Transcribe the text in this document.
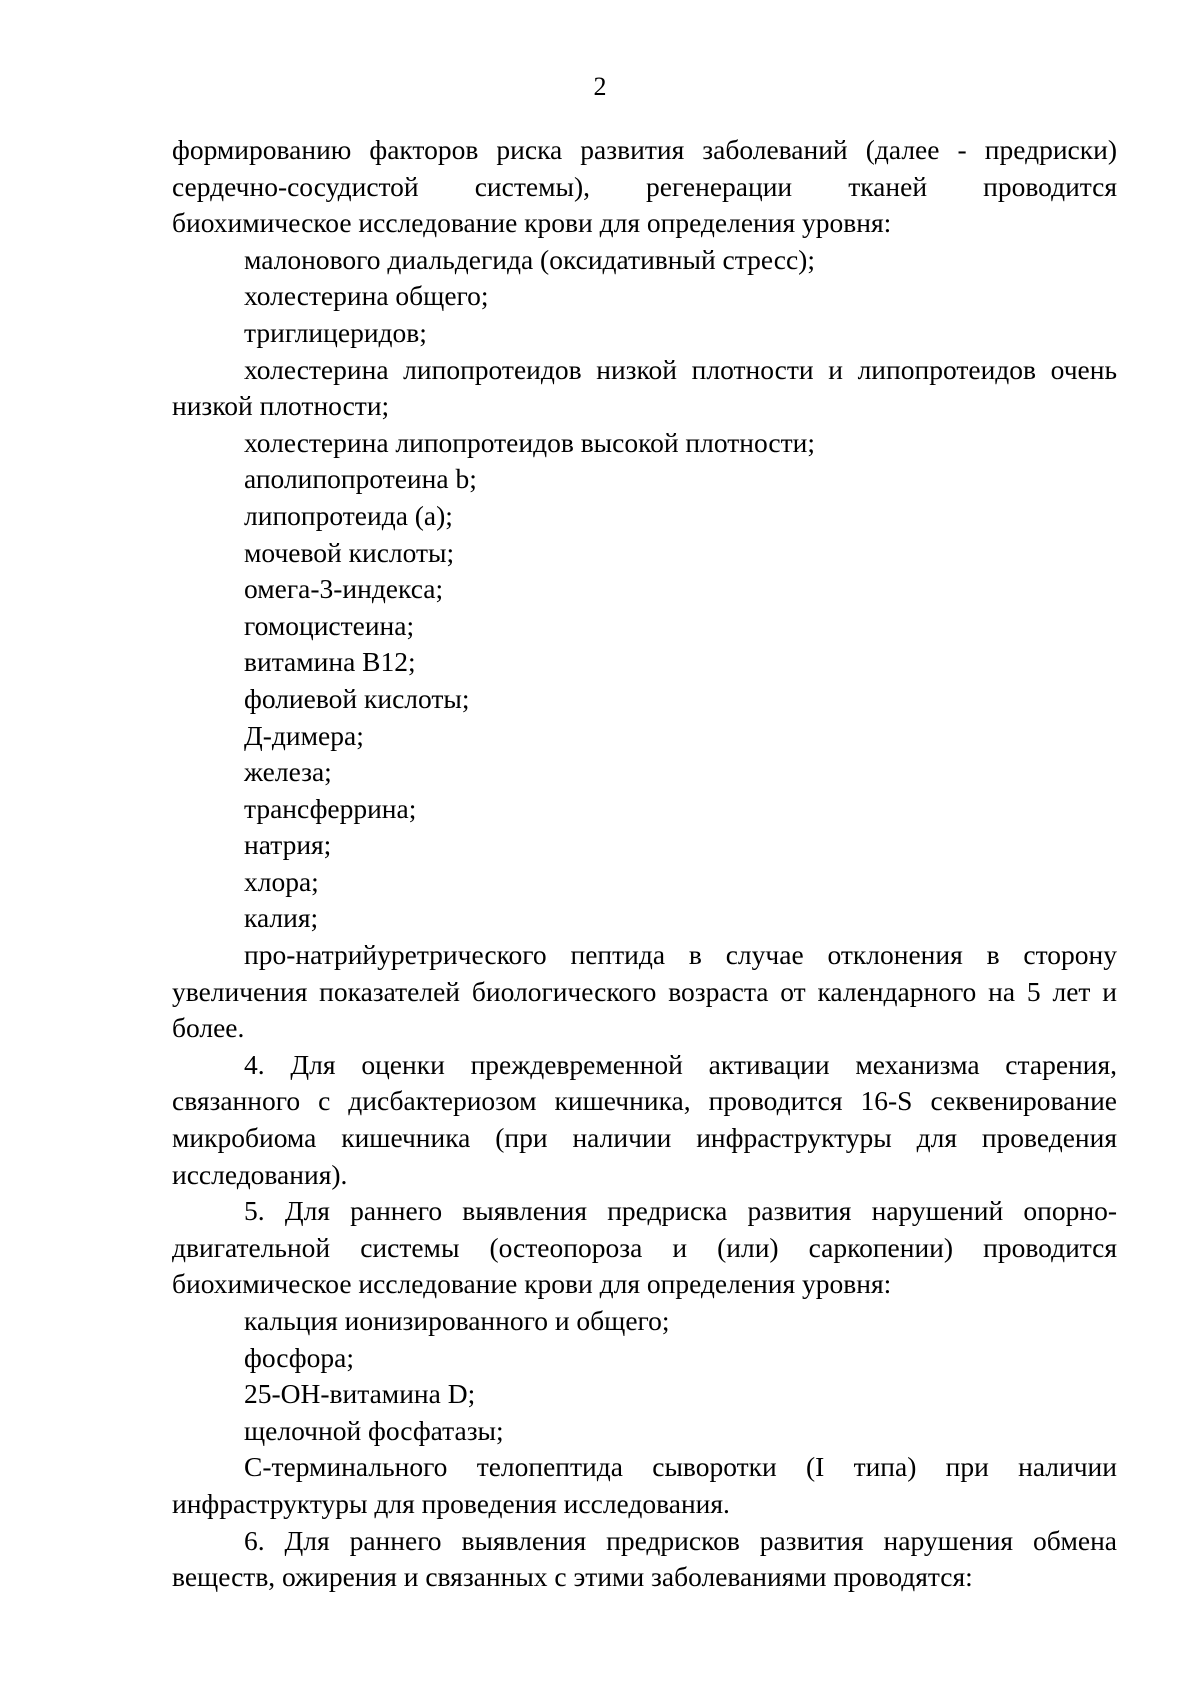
2
формированию факторов риска развития заболеваний (далее - предриски)
сердечно-сосудистой системы), регенерации тканей проводится
биохимическое исследование крови для определения уровня:
малонового диальдегида (оксидативный стресс);
холестерина общего;
триглицеридов;
холестерина липопротеидов низкой плотности и липопротеидов очень низкой плотности;
холестерина липопротеидов высокой плотности;
аполипопротеина b;
липопротеида (а);
мочевой кислоты;
омега-3-индекса;
гомоцистеина;
витамина В12;
фолиевой кислоты;
Д-димера;
железа;
трансферрина;
натрия;
хлора;
калия;
про-натрийуретрического пептида в случае отклонения в сторону увеличения показателей биологического возраста от календарного на 5 лет и более.
4. Для оценки преждевременной активации механизма старения, связанного с дисбактериозом кишечника, проводится 16-S секвенирование микробиома кишечника (при наличии инфраструктуры для проведения исследования).
5. Для раннего выявления предриска развития нарушений опорно-двигательной системы (остеопороза и (или) саркопении) проводится биохимическое исследование крови для определения уровня:
кальция ионизированного и общего;
фосфора;
25-ОН-витамина D;
щелочной фосфатазы;
С-терминального телопептида сыворотки (I типа) при наличии инфраструктуры для проведения исследования.
6. Для раннего выявления предрисков развития нарушения обмена веществ, ожирения и связанных с этими заболеваниями проводятся:
